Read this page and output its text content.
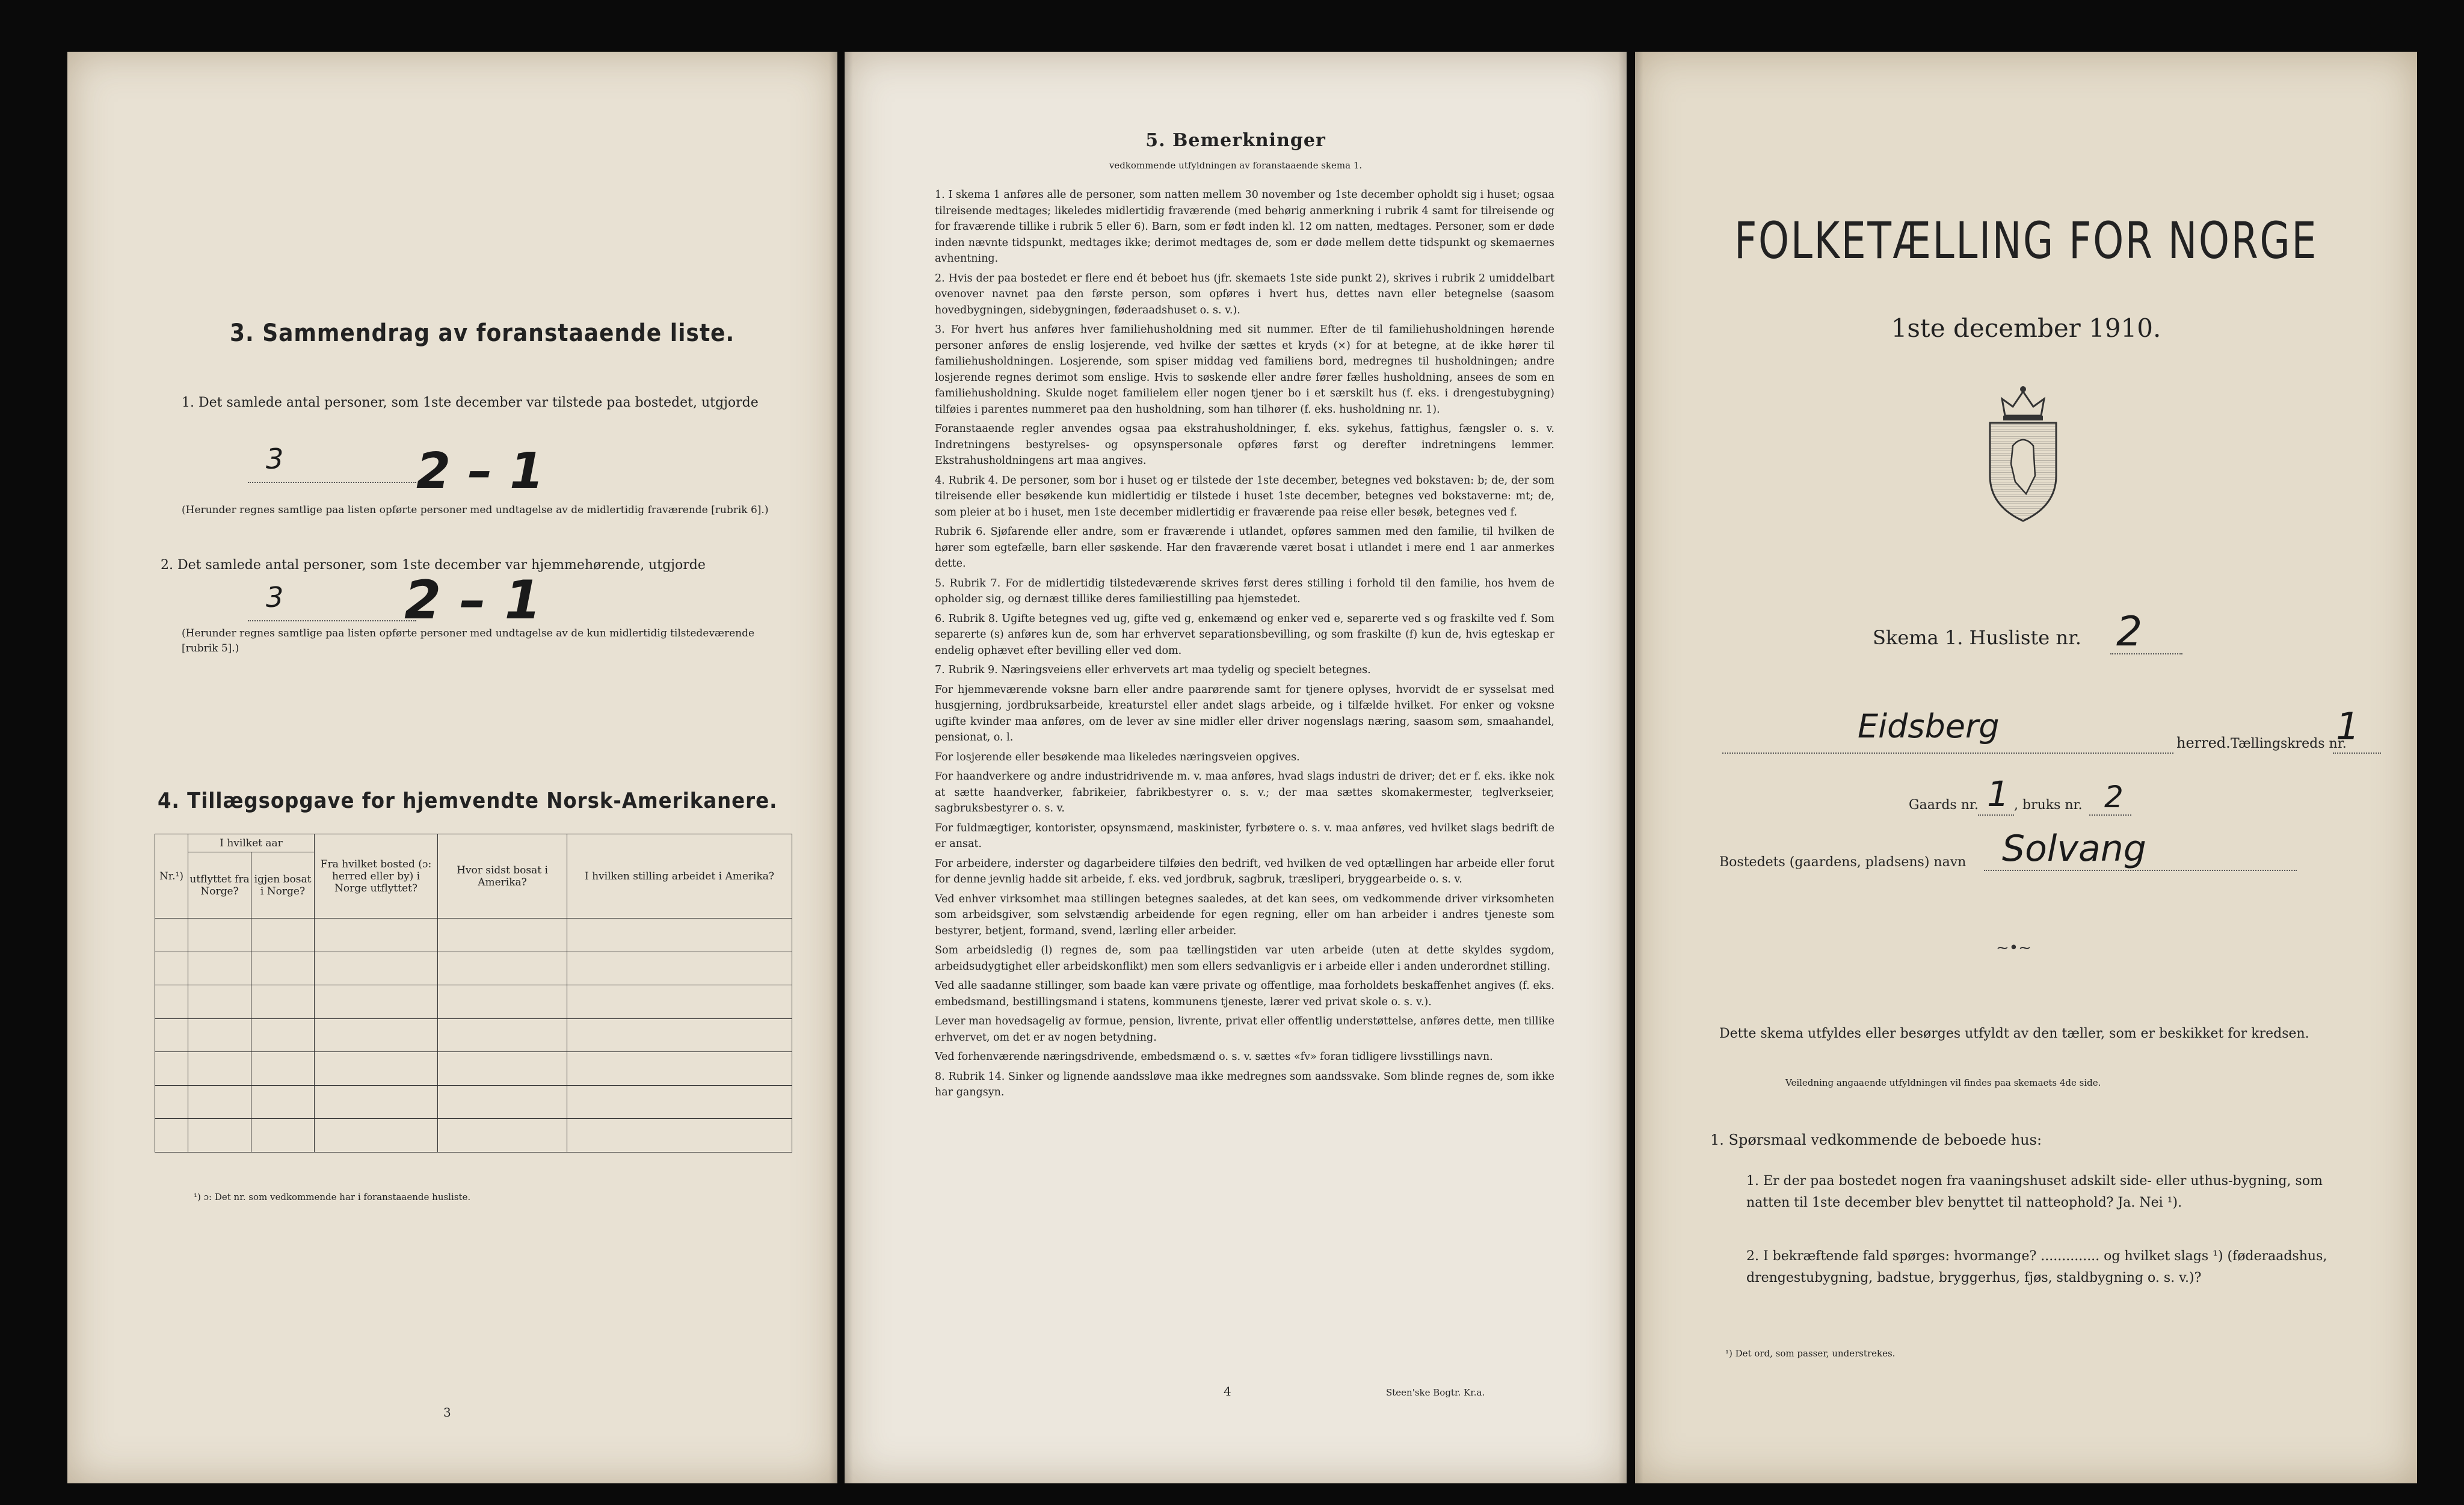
3. Sammendrag av foranstaaende liste.
1. Det samlede antal personer, som 1ste december var tilstede paa bostedet, utgjorde
3	2 – 1
(Herunder regnes samtlige paa listen opførte personer med undtagelse av de midlertidig fraværende [rubrik 6].)
2. Det samlede antal personer, som 1ste december var hjemmehørende, utgjorde
3 2 – 1
(Herunder regnes samtlige paa listen opførte personer med undtagelse av de kun midlertidig tilstedeværende [rubrik 5].)
4. Tillægsopgave for hjemvendte Norsk-Amerikanere.
Nr.¹)	I hvilket aar		Fra hvilket bosted (ɔ: herred eller by) i Norge utflyttet?	Hvor sidst bosat i Amerika?	I hvilken stilling arbeidet i Amerika?
	utflyttet fra Norge?	igjen bosat i Norge?			

¹) ɔ: Det nr. som vedkommende har i foranstaaende husliste.
3
5. Bemerkninger
vedkommende utfyldningen av foranstaaende skema 1.

1. I skema 1 anføres alle de personer, som natten mellem 30 november og 1ste december opholdt sig i huset; ogsaa tilreisende medtages; likeledes midlertidig fraværende (med behørig anmerkning i rubrik 4 samt for tilreisende og for fraværende tillike i rubrik 5 eller 6). Barn, som er født inden kl. 12 om natten, medtages. Personer, som er døde inden nævnte tidspunkt, medtages ikke; derimot medtages de, som er døde mellem dette tidspunkt og skemaernes avhentning.

2. Hvis der paa bostedet er flere end ét beboet hus (jfr. skemaets 1ste side punkt 2), skrives i rubrik 2 umiddelbart ovenover navnet paa den første person, som opføres i hvert hus, dettes navn eller betegnelse (saasom hovedbygningen, sidebygningen, føderaadshuset o. s. v.).

3. For hvert hus anføres hver familiehusholdning med sit nummer. Efter de til familiehusholdningen hørende personer anføres de enslig losjerende, ved hvilke der sættes et kryds (×) for at betegne, at de ikke hører til familiehusholdningen. Losjerende, som spiser middag ved familiens bord, medregnes til husholdningen; andre losjerende regnes derimot som enslige. Hvis to søskende eller andre fører fælles husholdning, ansees de som en familiehusholdning. Skulde noget familielem eller nogen tjener bo i et særskilt hus (f. eks. i drengestubygning) tilføies i parentes nummeret paa den husholdning, som han tilhører (f. eks. husholdning nr. 1).

Foranstaaende regler anvendes ogsaa paa ekstrahusholdninger, f. eks. sykehus, fattighus, fængsler o. s. v. Indretningens bestyrelses- og opsynspersonale opføres først og derefter indretningens lemmer. Ekstrahusholdningens art maa angives.

4. Rubrik 4. De personer, som bor i huset og er tilstede der 1ste december, betegnes ved bokstaven: b; de, der som tilreisende eller besøkende kun midlertidig er tilstede i huset 1ste december, betegnes ved bokstaverne: mt; de, som pleier at bo i huset, men 1ste december midlertidig er fraværende paa reise eller besøk, betegnes ved f.

Rubrik 6. Sjøfarende eller andre, som er fraværende i utlandet, opføres sammen med den familie, til hvilken de hører som egtefælle, barn eller søskende. Har den fraværende været bosat i utlandet i mere end 1 aar anmerkes dette.

5. Rubrik 7. For de midlertidig tilstedeværende skrives først deres stilling i forhold til den familie, hos hvem de opholder sig, og dernæst tillike deres familiestilling paa hjemstedet.

6. Rubrik 8. Ugifte betegnes ved ug, gifte ved g, enkemænd og enker ved e, separerte ved s og fraskilte ved f. Som separerte (s) anføres kun de, som har erhvervet separationsbevilling, og som fraskilte (f) kun de, hvis egteskap er endelig ophævet efter bevilling eller ved dom.

7. Rubrik 9. Næringsveiens eller erhvervets art maa tydelig og specielt betegnes.

For hjemmeværende voksne barn eller andre paarørende samt for tjenere oplyses, hvorvidt de er sysselsat med husgjerning, jordbruksarbeide, kreaturstel eller andet slags arbeide, og i tilfælde hvilket. For enker og voksne ugifte kvinder maa anføres, om de lever av sine midler eller driver nogenslags næring, saasom søm, smaahandel, pensionat, o. l.

For losjerende eller besøkende maa likeledes næringsveien opgives.

For haandverkere og andre industridrivende m. v. maa anføres, hvad slags industri de driver; det er f. eks. ikke nok at sætte haandverker, fabrikeier, fabrikbestyrer o. s. v.; der maa sættes skomakermester, teglverkseier, sagbruksbestyrer o. s. v.

For fuldmægtiger, kontorister, opsynsmænd, maskinister, fyrbøtere o. s. v. maa anføres, ved hvilket slags bedrift de er ansat.

For arbeidere, inderster og dagarbeidere tilføies den bedrift, ved hvilken de ved optællingen har arbeide eller forut for denne jevnlig hadde sit arbeide, f. eks. ved jordbruk, sagbruk, træsliperi, bryggearbeide o. s. v.

Ved enhver virksomhet maa stillingen betegnes saaledes, at det kan sees, om vedkommende driver virksomheten som arbeidsgiver, som selvstændig arbeidende for egen regning, eller om han arbeider i andres tjeneste som bestyrer, betjent, formand, svend, lærling eller arbeider.

Som arbeidsledig (l) regnes de, som paa tællingstiden var uten arbeide (uten at dette skyldes sygdom, arbeidsudygtighet eller arbeidskonflikt) men som ellers sedvanligvis er i arbeide eller i anden underordnet stilling.

Ved alle saadanne stillinger, som baade kan være private og offentlige, maa forholdets beskaffenhet angives (f. eks. embedsmand, bestillingsmand i statens, kommunens tjeneste, lærer ved privat skole o. s. v.).

Lever man hovedsagelig av formue, pension, livrente, privat eller offentlig understøttelse, anføres dette, men tillike erhvervet, om det er av nogen betydning.

Ved forhenværende næringsdrivende, embedsmænd o. s. v. sættes «fv» foran tidligere livsstillings navn.

8. Rubrik 14. Sinker og lignende aandssløve maa ikke medregnes som aandssvake. Som blinde regnes de, som ikke har gangsyn.

4	Steen'ske Bogtr. Kr.a.
FOLKETÆLLING FOR NORGE
1ste december 1910.
Skema 1. Husliste nr. 2
Eidsberg	herred. Tællingskreds nr.
1
Gaards nr. 1 , bruks nr. 2
Bostedets (gaardens, pladsens) navn Solvang
~•~
Dette skema utfyldes eller besørges utfyldt av den tæller, som er beskikket for kredsen.
Veiledning angaaende utfyldningen vil findes paa skemaets 4de side.
1. Spørsmaal vedkommende de beboede hus:
1. Er der paa bostedet nogen fra vaaningshuset adskilt side- eller uthus-bygning, som natten til 1ste december blev benyttet til natteophold? Ja. Nei ¹).
2. I bekræftende fald spørges: hvormange? .............. og hvilket slags ¹) (føderaadshus, drengestubygning, badstue, bryggerhus, fjøs, staldbygning o. s. v.)?
¹) Det ord, som passer, understrekes.
